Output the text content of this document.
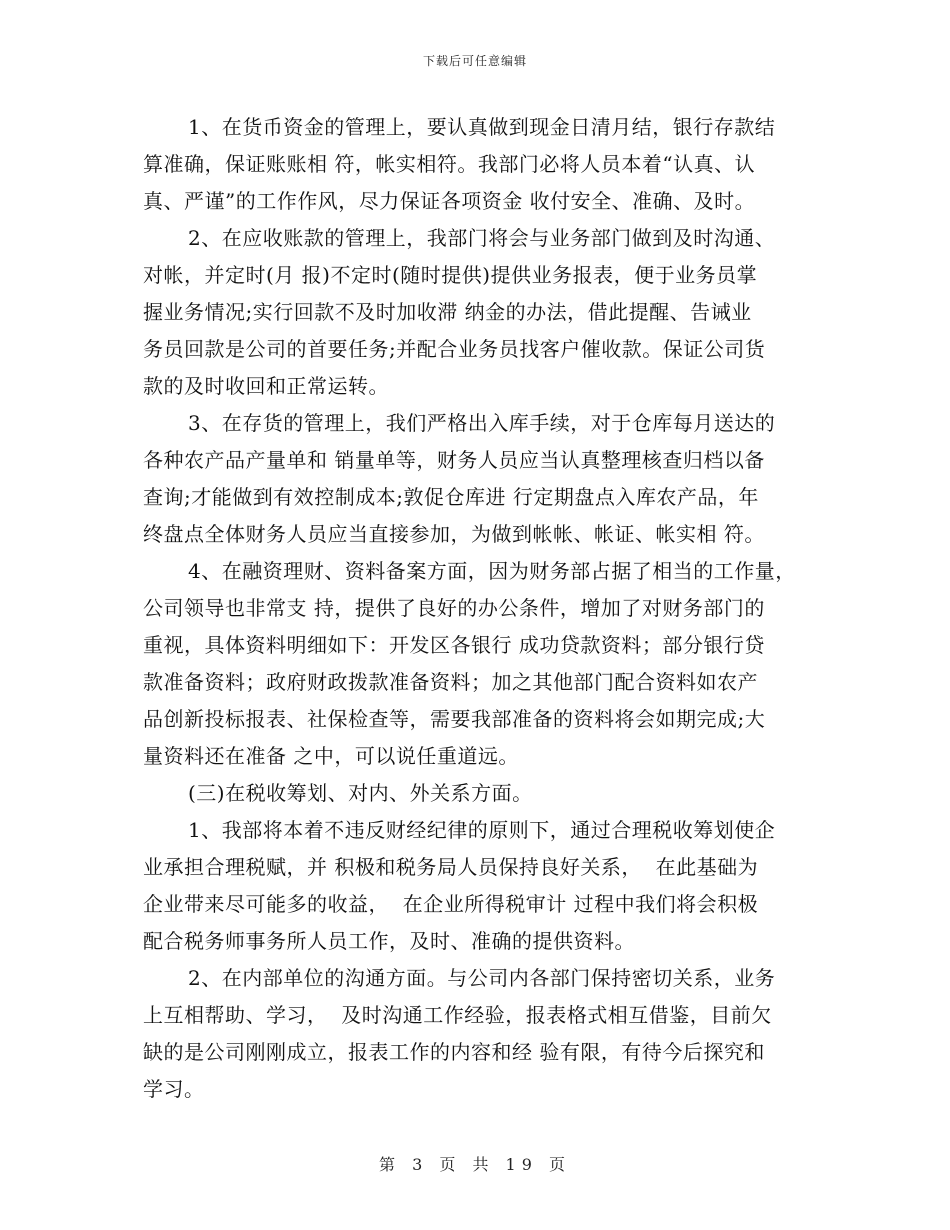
下载后可任意编辑
1、在货币资金的管理上，要认真做到现金日清月结，银行存款结
算准确，保证账账相 符，帐实相符。我部门必将人员本着“认真、认
真、严谨”的工作作风，尽力保证各项资金 收付安全、准确、及时。
2、在应收账款的管理上，我部门将会与业务部门做到及时沟通、
对帐，并定时(月 报)不定时(随时提供)提供业务报表，便于业务员掌
握业务情况;实行回款不及时加收滞 纳金的办法，借此提醒、告诫业
务员回款是公司的首要任务;并配合业务员找客户催收款。保证公司货
款的及时收回和正常运转。
3、在存货的管理上，我们严格出入库手续，对于仓库每月送达的
各种农产品产量单和 销量单等，财务人员应当认真整理核查归档以备
查询;才能做到有效控制成本;敦促仓库进 行定期盘点入库农产品，年
终盘点全体财务人员应当直接参加，为做到帐帐、帐证、帐实相 符。
4、在融资理财、资料备案方面，因为财务部占据了相当的工作量，
公司领导也非常支 持，提供了良好的办公条件，增加了对财务部门的
重视，具体资料明细如下：开发区各银行 成功贷款资料；部分银行贷
款准备资料；政府财政拨款准备资料；加之其他部门配合资料如农产
品创新投标报表、社保检查等，需要我部准备的资料将会如期完成;大
量资料还在准备 之中，可以说任重道远。
(三)在税收筹划、对内、外关系方面。
1、我部将本着不违反财经纪律的原则下，通过合理税收筹划使企
业承担合理税赋，并 积极和税务局人员保持良好关系，  在此基础为
企业带来尽可能多的收益，  在企业所得税审计 过程中我们将会积极
配合税务师事务所人员工作，及时、准确的提供资料。
2、在内部单位的沟通方面。与公司内各部门保持密切关系，业务
上互相帮助、学习，  及时沟通工作经验，报表格式相互借鉴，目前欠
缺的是公司刚刚成立，报表工作的内容和经 验有限，有待今后探究和
学习。
第 3 页 共 19 页
